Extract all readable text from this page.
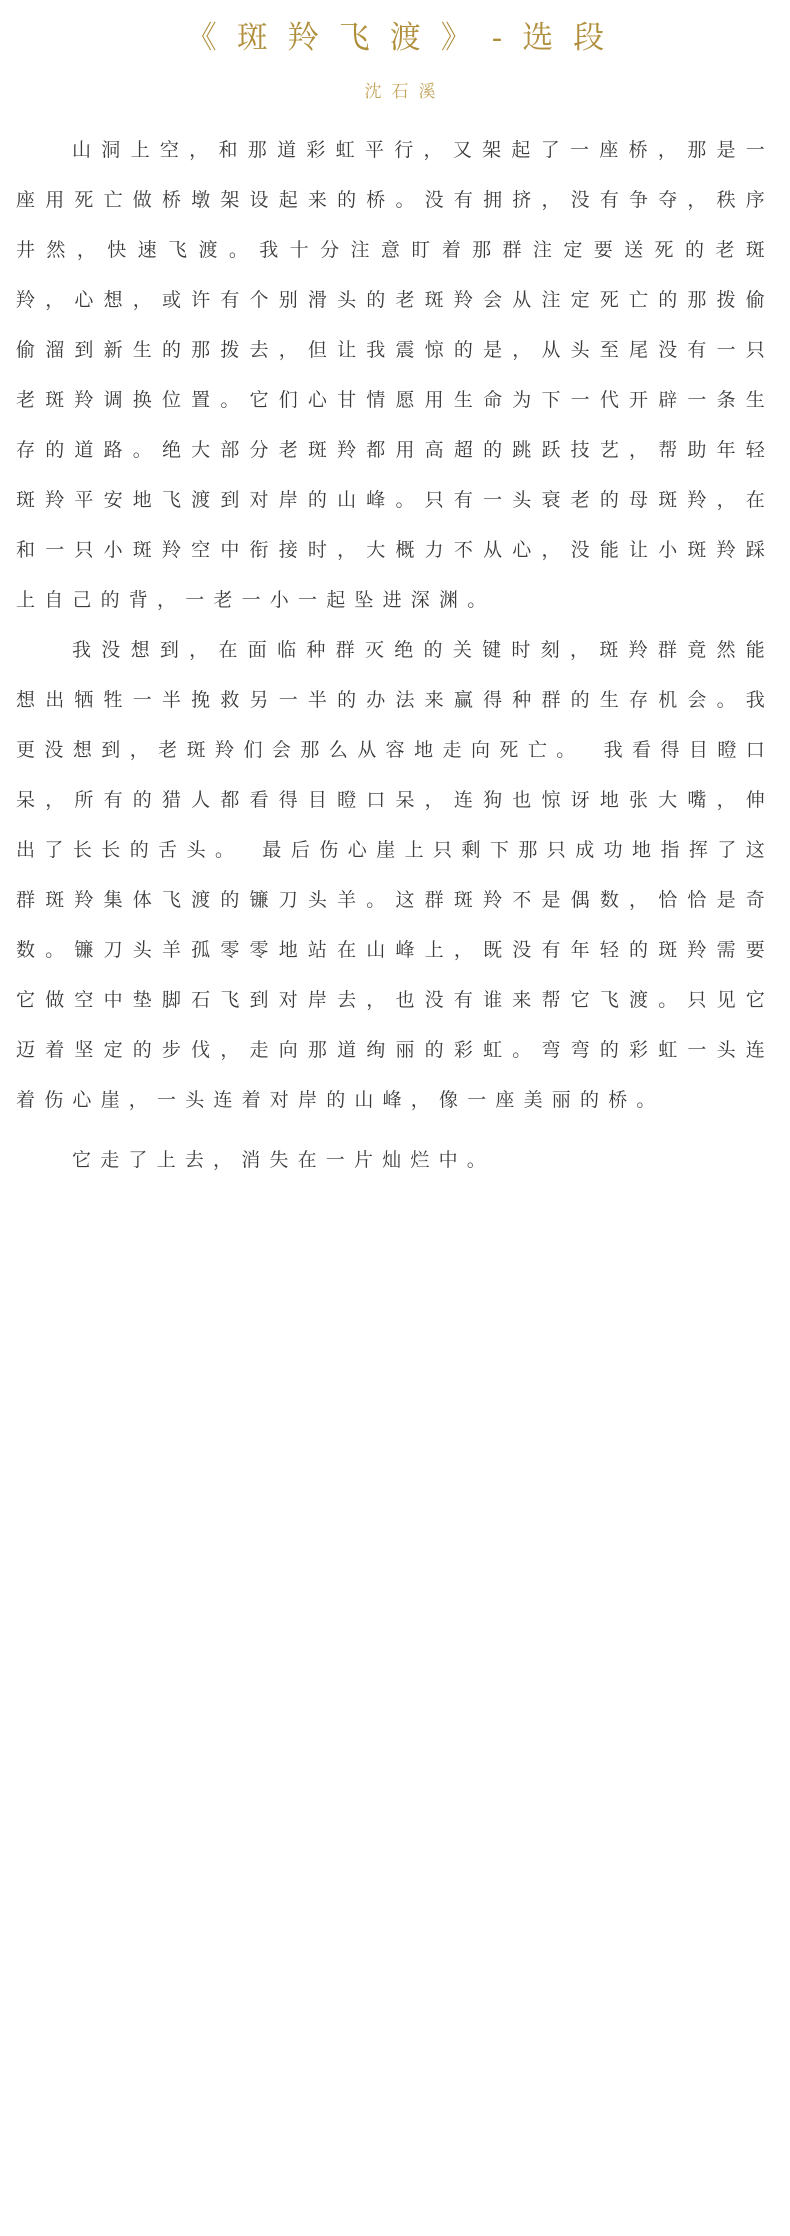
《斑羚飞渡》-选段
沈石溪

山洞上空，和那道彩虹平行，又架起了一座桥，那是一座用死亡做桥墩架设起来的桥。没有拥挤，没有争夺，秩序井然，快速飞渡。我十分注意盯着那群注定要送死的老斑羚，心想，或许有个别滑头的老斑羚会从注定死亡的那拨偷偷溜到新生的那拨去，但让我震惊的是，从头至尾没有一只老斑羚调换位置。它们心甘情愿用生命为下一代开辟一条生存的道路。绝大部分老斑羚都用高超的跳跃技艺，帮助年轻斑羚平安地飞渡到对岸的山峰。只有一头衰老的母斑羚，在和一只小斑羚空中衔接时，大概力不从心，没能让小斑羚踩上自己的背，一老一小一起坠进深渊。

我没想到，在面临种群灭绝的关键时刻，斑羚群竟然能想出牺牲一半挽救另一半的办法来赢得种群的生存机会。我更没想到，老斑羚们会那么从容地走向死亡。　我看得目瞪口呆，所有的猎人都看得目瞪口呆，连狗也惊讶地张大嘴，伸出了长长的舌头。　最后伤心崖上只剩下那只成功地指挥了这群斑羚集体飞渡的镰刀头羊。这群斑羚不是偶数，恰恰是奇数。镰刀头羊孤零零地站在山峰上，既没有年轻的斑羚需要它做空中垫脚石飞到对岸去，也没有谁来帮它飞渡。只见它迈着坚定的步伐，走向那道绚丽的彩虹。弯弯的彩虹一头连着伤心崖，一头连着对岸的山峰，像一座美丽的桥。

它走了上去，消失在一片灿烂中。
